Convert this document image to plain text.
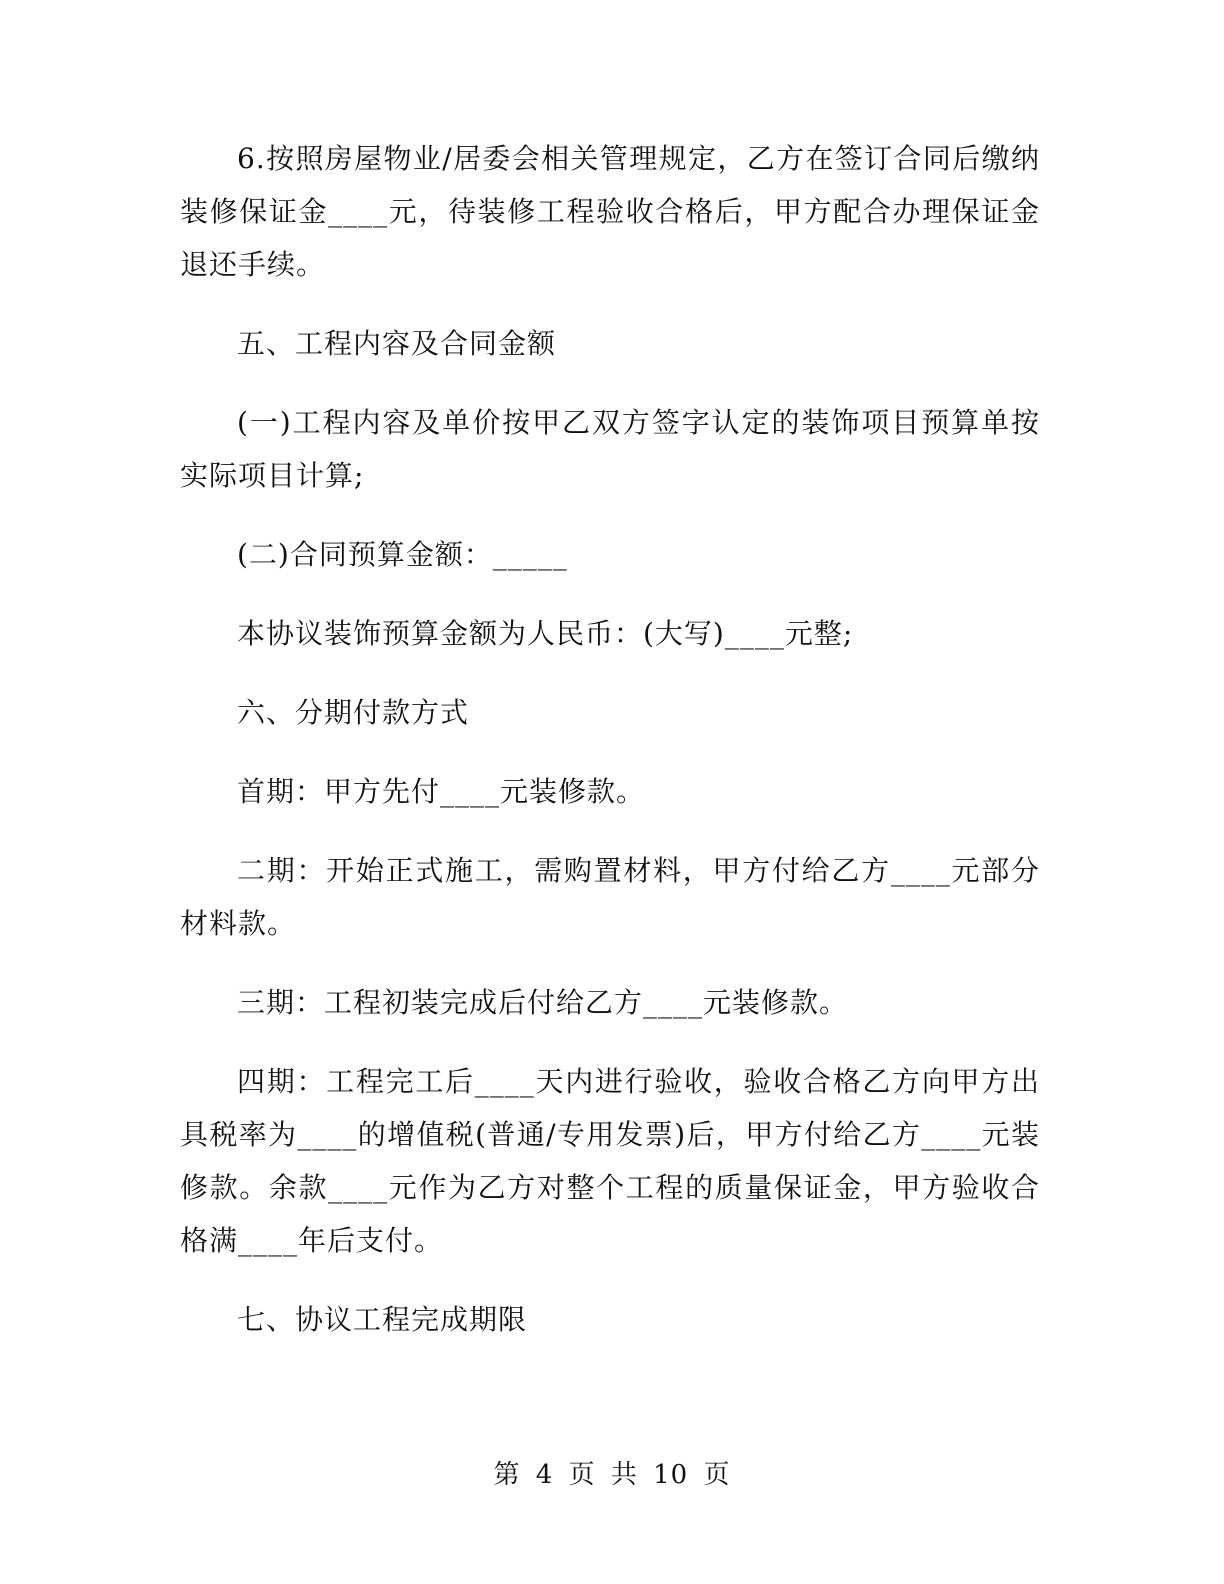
6.按照房屋物业/居委会相关管理规定，乙方在签订合同后缴纳装修保证金____元，待装修工程验收合格后，甲方配合办理保证金退还手续。

五、工程内容及合同金额

(一)工程内容及单价按甲乙双方签字认定的装饰项目预算单按实际项目计算;

(二)合同预算金额：_____

本协议装饰预算金额为人民币：(大写)____元整;

六、分期付款方式

首期：甲方先付____元装修款。

二期：开始正式施工，需购置材料，甲方付给乙方____元部分材料款。

三期：工程初装完成后付给乙方____元装修款。

四期：工程完工后____天内进行验收，验收合格乙方向甲方出具税率为____的增值税(普通/专用发票)后，甲方付给乙方____元装修款。余款____元作为乙方对整个工程的质量保证金，甲方验收合格满____年后支付。

七、协议工程完成期限

第 4 页 共 10 页
